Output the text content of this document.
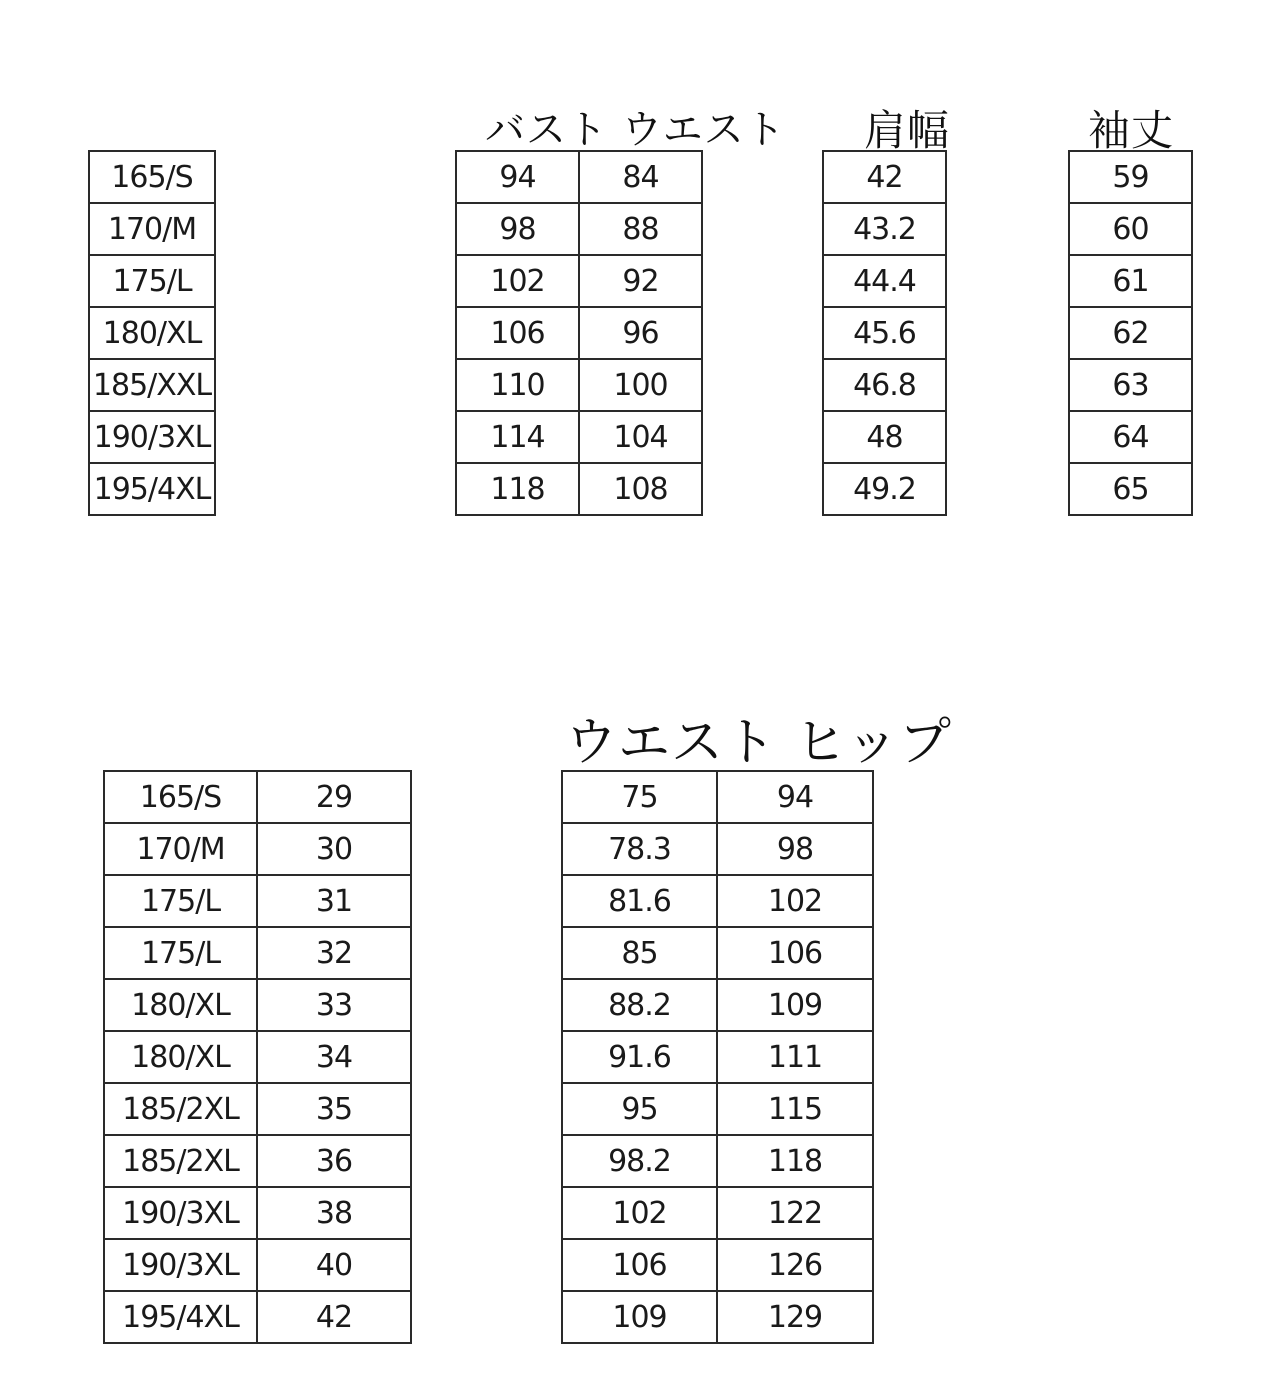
バスト ウエスト 肩幅	袖丈
ウエスト ヒップ
165/S
170/M
175/L
180/XL
185/XXL
190/3XL
195/4XL
94	84
98	88
102	92
106	96
110	100
114	104
118	108
42
43.2
44.4
45.6
46.8
48
49.2
59
60
61
62
63
64
65
165/S	29
170/M	30
175/L	31
175/L	32
180/XL	33
180/XL	34
185/2XL	35
185/2XL	36
190/3XL	38
190/3XL	40
195/4XL	42
75	94
78.3	98
81.6	102
85	106
88.2	109
91.6	111
95	115
98.2	118
102	122
106	126
109	129
